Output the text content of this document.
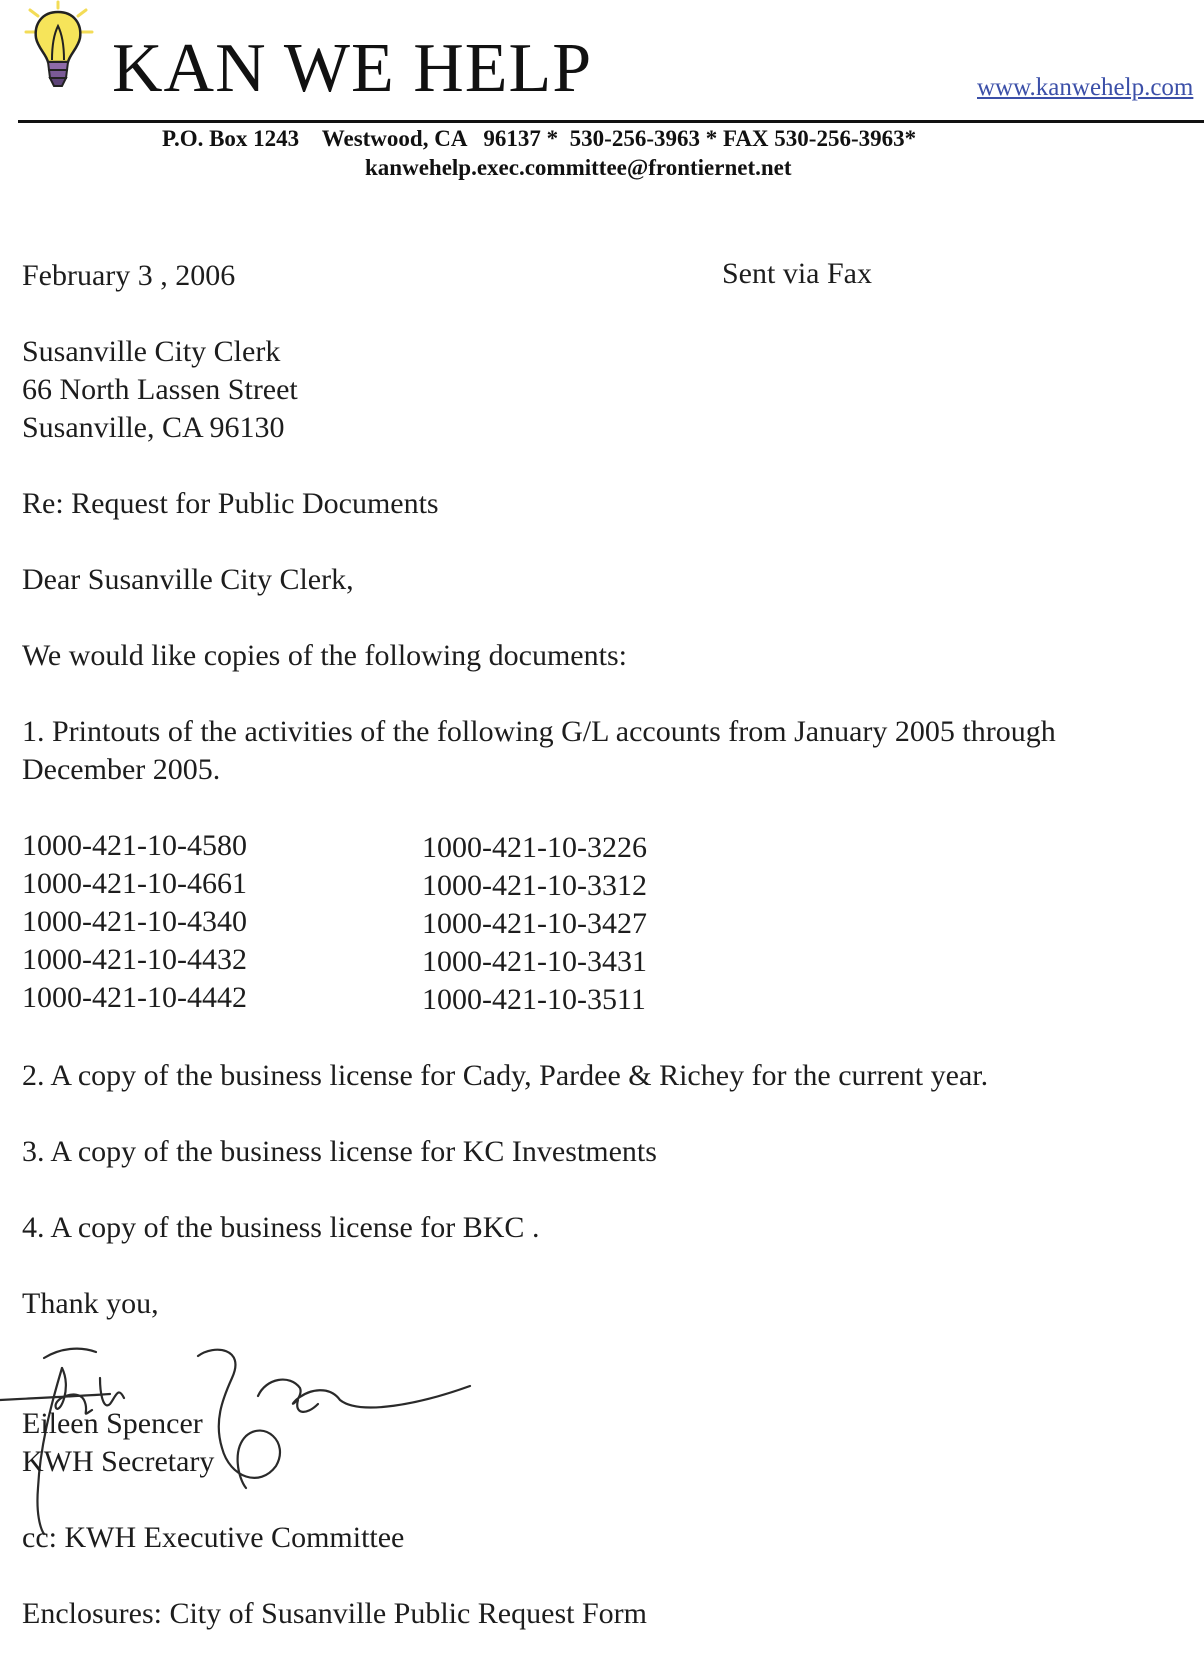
KAN WE HELP	www.kanwehelp.com
P.O. Box 1243    Westwood, CA   96137 *  530-256-3963 * FAX 530-256-3963*
kanwehelp.exec.committee@frontiernet.net
February 3 , 2006	Sent via Fax
Susanville City Clerk
66 North Lassen Street
Susanville, CA 96130
Re: Request for Public Documents
Dear Susanville City Clerk,
We would like copies of the following documents:
1. Printouts of the activities of the following G/L accounts from January 2005 through
December 2005.
1000-421-10-4580
1000-421-10-4661
1000-421-10-4340
1000-421-10-4432
1000-421-10-4442
1000-421-10-3226
1000-421-10-3312
1000-421-10-3427
1000-421-10-3431
1000-421-10-3511
2. A copy of the business license for Cady, Pardee & Richey for the current year.
3. A copy of the business license for KC Investments
4. A copy of the business license for BKC .
Thank you,
Eileen Spencer
KWH Secretary
cc: KWH Executive Committee
Enclosures: City of Susanville Public Request Form
